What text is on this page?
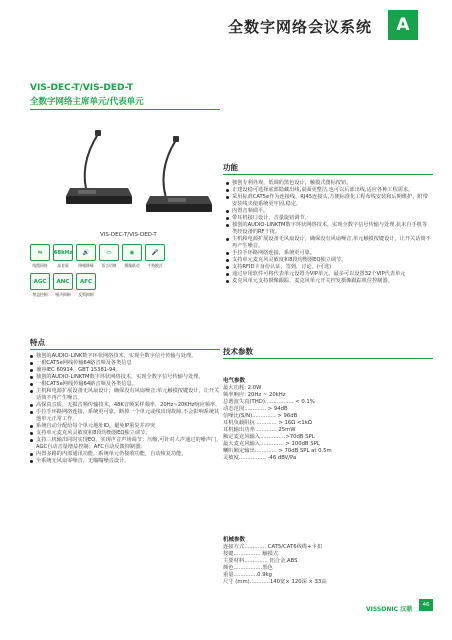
全数字网络会议系统	A
VIS-DEC-T/VIS-DED-T
全数字网络主席单元/代表单元
VIS-DEC-T/VIS-DED-T
⇋
线缆网络
48kHz
高音质
🔊
降噪降啸
▭
语言切换
◉
摄像联动
🎤
手持模式
AGC
增益控制
ANC
噪声抑制
AFC
反馈抑制
功能
独创专利外观，低调的黑色设计，触摸式图标按钮。
正建设稳可选择底部隐藏出线,桌面更整洁,也可以后部出线,适应各种工程需求。
采用标准CAT5e作为连接线，RJ45连接头,方便标准化工程布线安装和后期维护，附带安装线夹使系统更牢固,稳定。
内置音频调平。
带耳机接口设计，音量旋钮调节。
独创的AUDIO-LINKTM数字环状网络技术，实现全数字信号传输与处理,抗未自手机等类经设备的RF干扰。
主机和电源扩展设备无风扇设计，确保没有风扇噪音,单元触摸按键设计，让开关话筒不再产生噪音。
手拉手环路网络连接，系统更可靠。
支持单元麦克风灵敏度和8段均衡器EQ独立调节。
支持RFID卡身份认证，签到，讨论。(可选)
通过应用软件可将代表单元设置为VIP单元，最多可以设置32个VIP代表单元
麦克风单元支持摄像跟踪，麦克风单元开关控发摄像跟踪机位控制器。
特点
独创的AUDIO-LINK数字环状网络技术，实现全数字信号传输与处理。
一根CAT5e网线传输64路音频及各类信息
兼容IEC 60914、GBT 15381-94。
独创的AUDIO-LINKTM数字环状网络技术，实现全数字信号传输与处理。
一根CAT5e网线传输64路音频及各类信息。
主机和电源扩展设备无风扇设计，确保没有风扇噪音;单元触摸按键设计，让开关话筒不再产生噪音。
高保真音质，无损音频传输技术，48K音频采样频率，20Hz~20KHz响应频率。
手拉手环路网络连接，系统更可靠，断掉一个单元或线出现故障,不会影响系统其他单元正常工作。
系统自动分配给每个单元地址ID，避免IP重复并冲突
支持单元麦克风灵敏度和8段均衡器EQ独立调节。
支持三机输出同时实现EQ，实现声音声场调节；压缩,可针对人声通过的噪声门，AGC自动音量增益控制；AFC自动反馈抑制器;
内置多路的内部通讯功能，系统单元仍接收功能，自动恢复功能。
全系统无风扇零噪音，无嗡嗡噪音设计。
技术参数
电气参数
最大功耗: 2.0W
频率响应: 20Hz ~ 20kHz
总谐波失真(THD)................. < 0.1%
动态范围............. > 94dB
信噪比(S/N).............. > 96dB
耳机负载阻抗 ............ > 16Ω <1kΩ
耳机输出功率 ............ 25mW
额定麦克风输入...............>70dB SPL
最大麦克风输入.............. > 100dB SPL
喇叭额定输出............. > 70dB SPL at 0.5m
灵敏度................ -46 dBV/Pa
机械参数
连接方式............. CAT5/CAT6线缆+卡扣
按键................ 触摸式
主要材料.............. 铝合金,ABS
颜色.................黑色
重量..............0.9kg
尺寸 (mm)............140宽× 120深 × 33高
VISSONIC 汉鼎
46
